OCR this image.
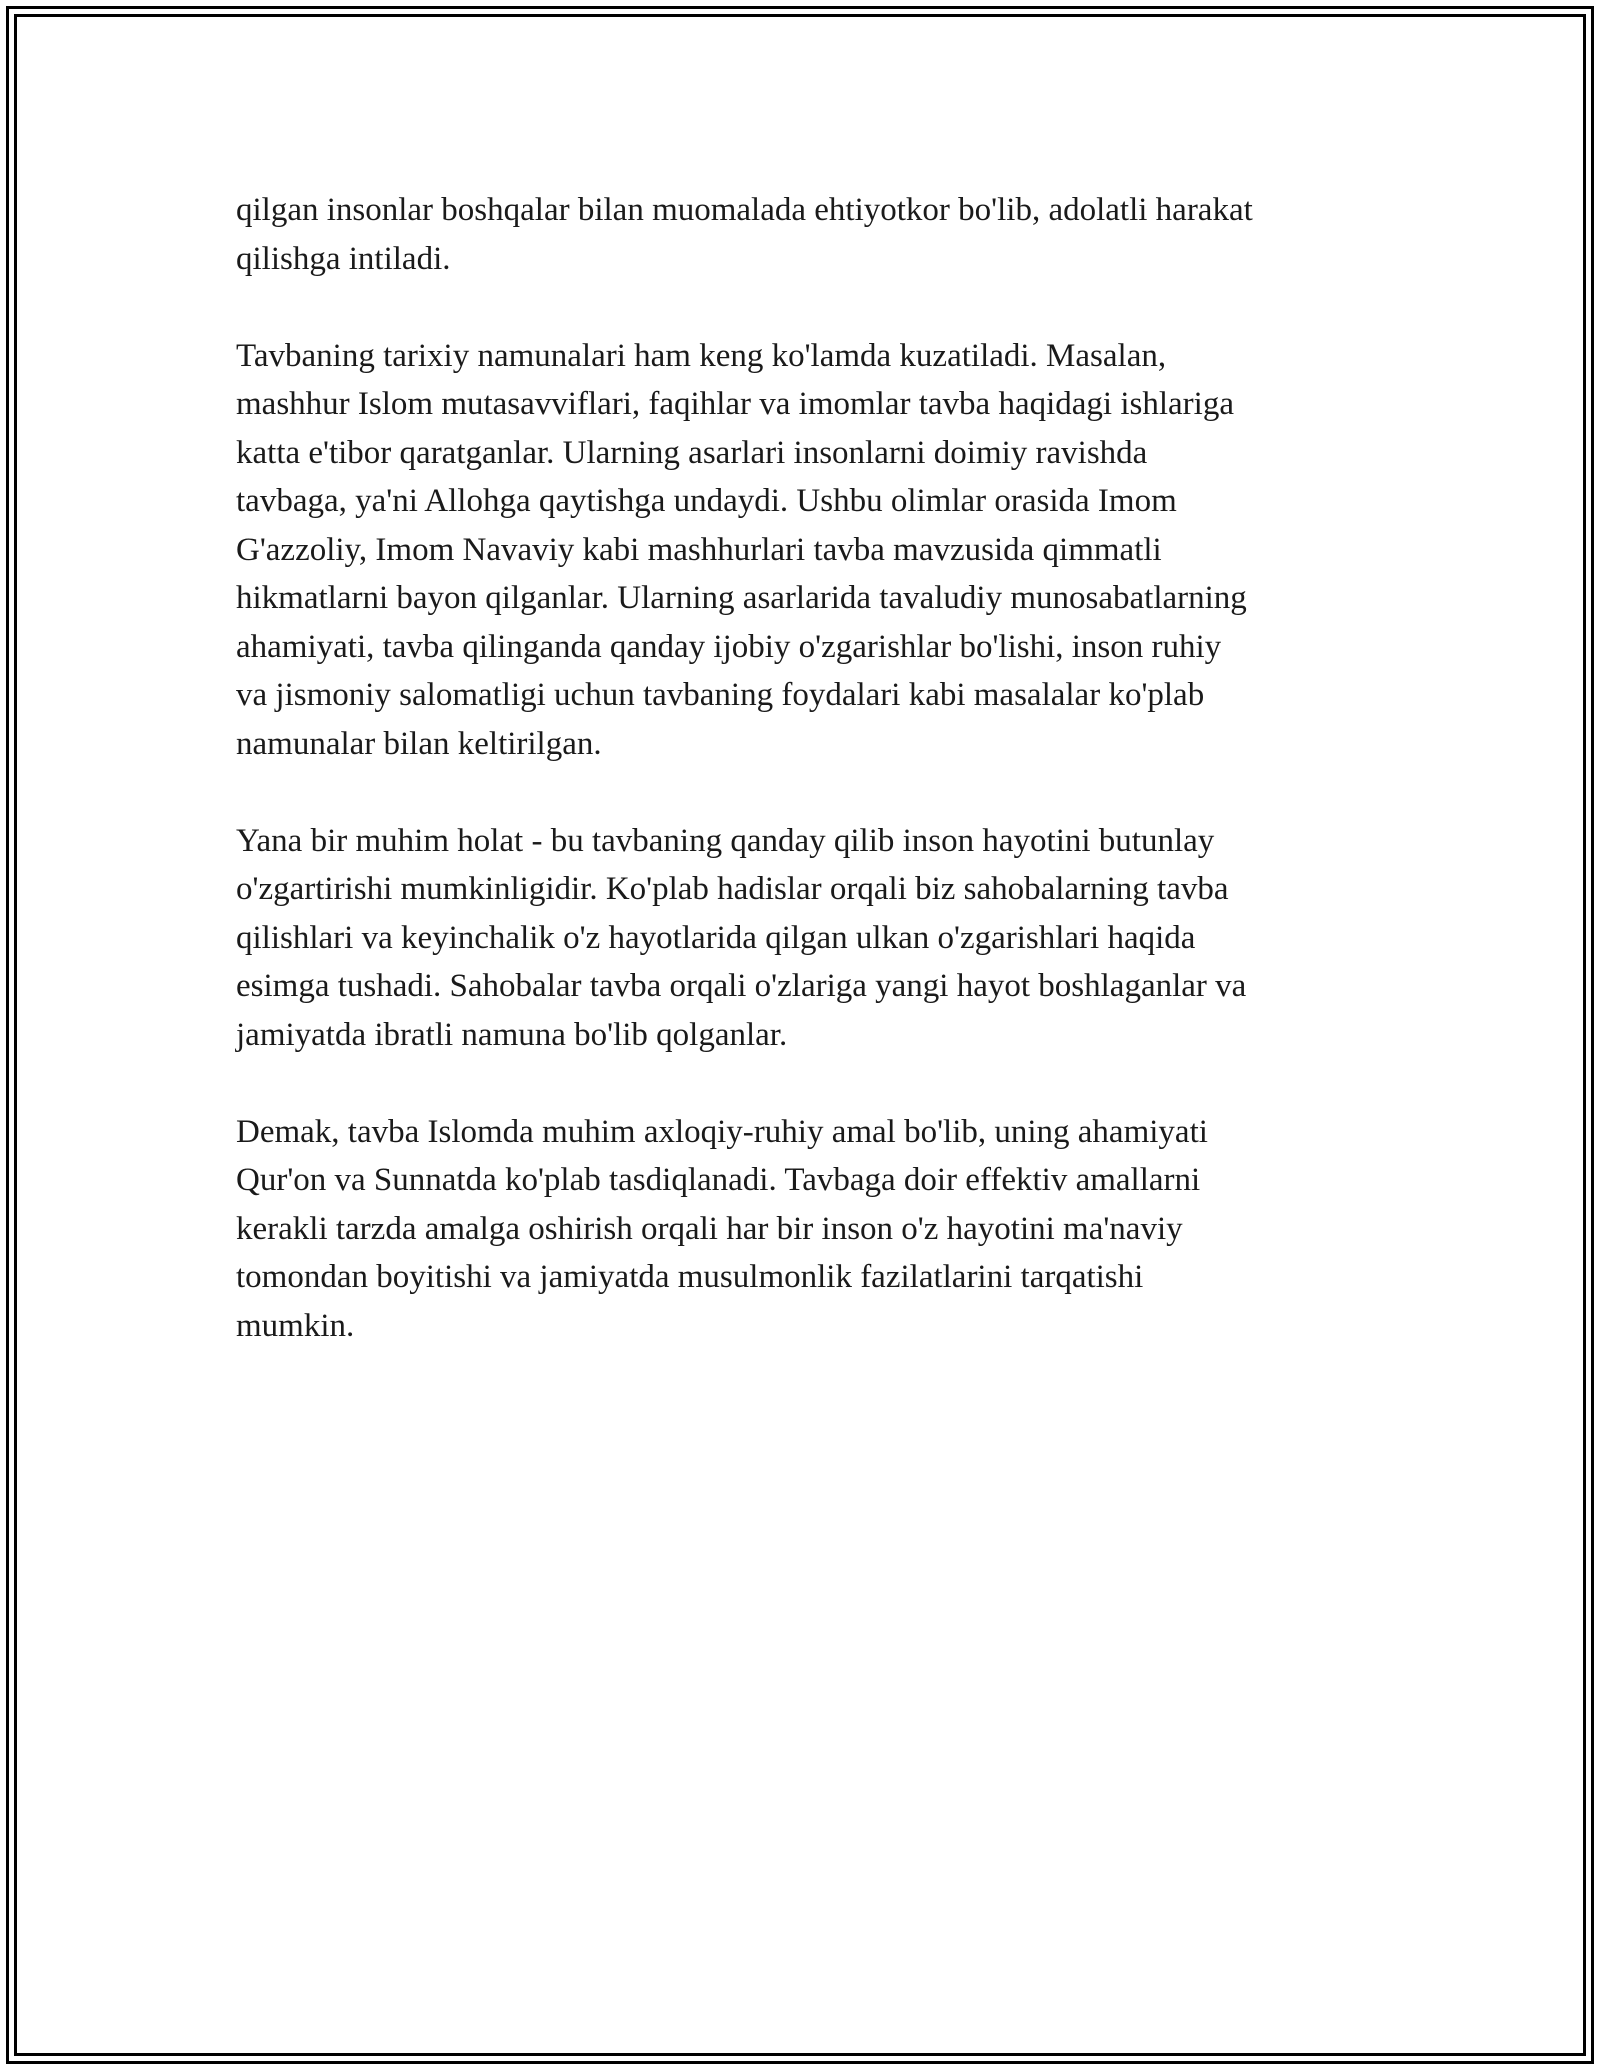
qilgan insonlar boshqalar bilan muomalada ehtiyotkor bo'lib, adolatli harakat
qilishga intiladi.

Tavbaning tarixiy namunalari ham keng ko'lamda kuzatiladi. Masalan,
mashhur Islom mutasavviflari, faqihlar va imomlar tavba haqidagi ishlariga
katta e'tibor qaratganlar. Ularning asarlari insonlarni doimiy ravishda
tavbaga, ya'ni Allohga qaytishga undaydi. Ushbu olimlar orasida Imom
G'azzoliy, Imom Navaviy kabi mashhurlari tavba mavzusida qimmatli
hikmatlarni bayon qilganlar. Ularning asarlarida tavaludiy munosabatlarning
ahamiyati, tavba qilinganda qanday ijobiy o'zgarishlar bo'lishi, inson ruhiy
va jismoniy salomatligi uchun tavbaning foydalari kabi masalalar ko'plab
namunalar bilan keltirilgan.

Yana bir muhim holat - bu tavbaning qanday qilib inson hayotini butunlay
o'zgartirishi mumkinligidir. Ko'plab hadislar orqali biz sahobalarning tavba
qilishlari va keyinchalik o'z hayotlarida qilgan ulkan o'zgarishlari haqida
esimga tushadi. Sahobalar tavba orqali o'zlariga yangi hayot boshlaganlar va
jamiyatda ibratli namuna bo'lib qolganlar.

Demak, tavba Islomda muhim axloqiy-ruhiy amal bo'lib, uning ahamiyati
Qur'on va Sunnatda ko'plab tasdiqlanadi. Tavbaga doir effektiv amallarni
kerakli tarzda amalga oshirish orqali har bir inson o'z hayotini ma'naviy
tomondan boyitishi va jamiyatda musulmonlik fazilatlarini tarqatishi
mumkin.
